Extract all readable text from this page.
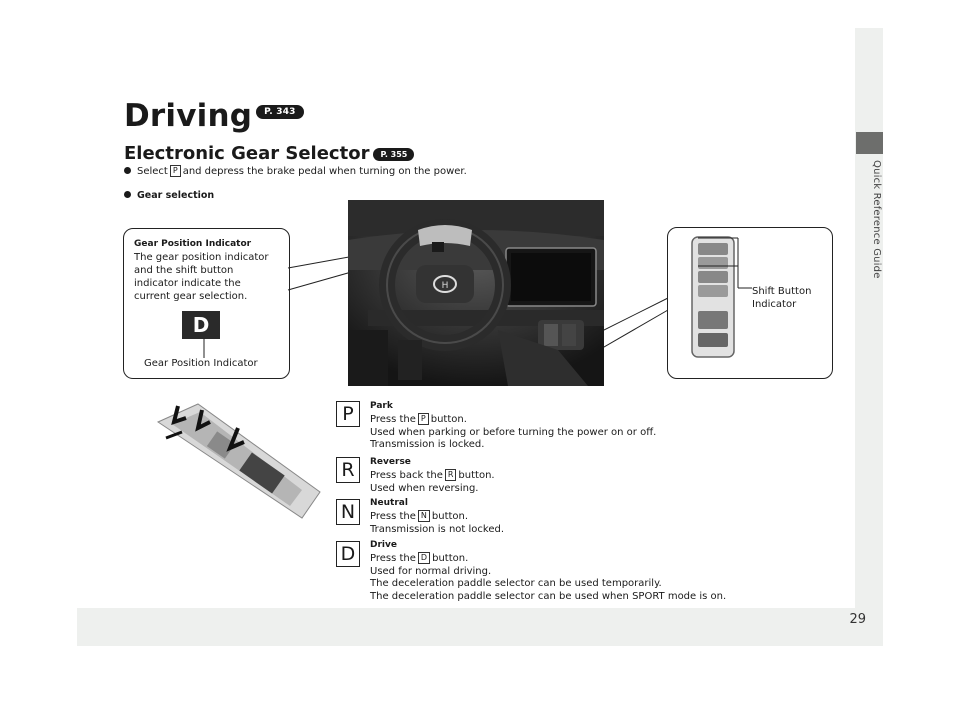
Quick Reference Guide
29
Driving P. 343
Electronic Gear Selector P. 355
Select P and depress the brake pedal when turning on the power.
Gear selection
Gear Position Indicator
The gear position indicator
and the shift button
indicator indicate the
current gear selection.
D
Gear Position Indicator
H	Shift Button
Indicator
P	Park
Press the P button.
Used when parking or before turning the power on or off.
Transmission is locked.
R	Reverse
Press back the R button.
Used when reversing.
N	Neutral
Press the N button.
Transmission is not locked.
D	Drive
Press the D button.
Used for normal driving.
The deceleration paddle selector can be used temporarily.
The deceleration paddle selector can be used when SPORT mode is on.
